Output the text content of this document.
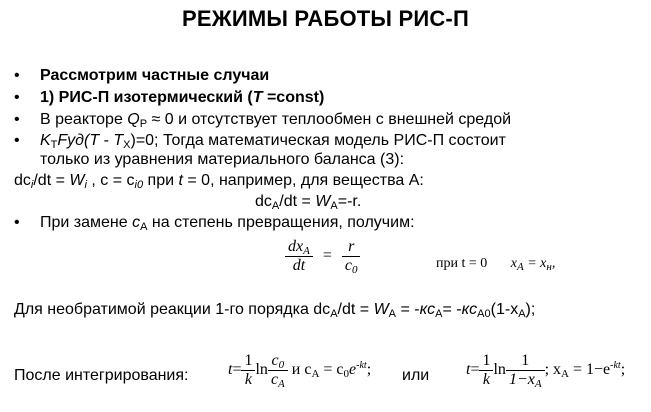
РЕЖИМЫ РАБОТЫ РИС-П
• Рассмотрим частные случаи
• 1) РИС-П изотермический (T =const)
• В реакторе $Q_P \approx 0$ и отсутствует теплообмен с внешней средой
• $K_TFуд(T - T_X)=0$; Тогда математическая модель РИС-П состоит
только из уравнения материального баланса (3):
$dc_i/dt = W_i$ , $c = c_{i0}$ при t = 0, например, для вещества A:
$dc_A/dt = W_A=-r$.
• При замене $c_A$ на степень превращения, получим:
$\frac{dx_A}{dt} = \frac{r}{c_0}$	при t = 0 $x_A = x_н$,
Для необратимой реакции 1-го порядка $dc_A/dt = W_A = -кc_A= -кc_{A0}(1-x_A)$;
После интегрирования: $t= \frac{1}{k}$ $\ln \frac{c_0}{c_A}$ и $c_A = c_0e^{-kt}$; или $t= \frac{1}{k}$ $\ln \frac{1}{1-x_A}$ ; $x_A = 1-e^{-kt}$;
